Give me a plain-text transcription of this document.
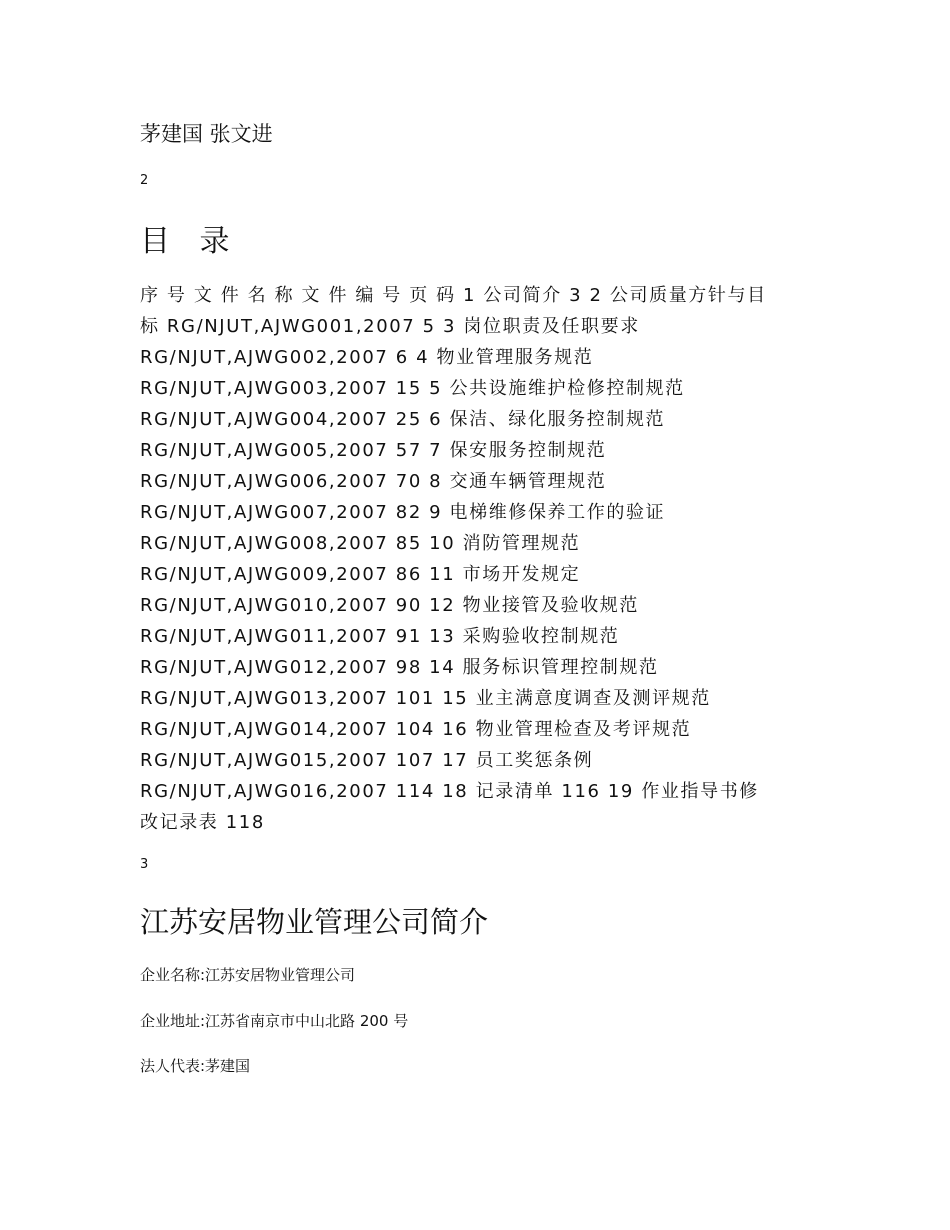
茅建国 张文进
2
目 录
序 号 文 件 名 称 文 件 编 号 页 码 1 公司简介 3 2 公司质量方针与目
标 RG/NJUT,AJWG001,2007 5 3 岗位职责及任职要求
RG/NJUT,AJWG002,2007 6 4 物业管理服务规范
RG/NJUT,AJWG003,2007 15 5 公共设施维护检修控制规范
RG/NJUT,AJWG004,2007 25 6 保洁、绿化服务控制规范
RG/NJUT,AJWG005,2007 57 7 保安服务控制规范
RG/NJUT,AJWG006,2007 70 8 交通车辆管理规范
RG/NJUT,AJWG007,2007 82 9 电梯维修保养工作的验证
RG/NJUT,AJWG008,2007 85 10 消防管理规范
RG/NJUT,AJWG009,2007 86 11 市场开发规定
RG/NJUT,AJWG010,2007 90 12 物业接管及验收规范
RG/NJUT,AJWG011,2007 91 13 采购验收控制规范
RG/NJUT,AJWG012,2007 98 14 服务标识管理控制规范
RG/NJUT,AJWG013,2007 101 15 业主满意度调查及测评规范
RG/NJUT,AJWG014,2007 104 16 物业管理检查及考评规范
RG/NJUT,AJWG015,2007 107 17 员工奖惩条例
RG/NJUT,AJWG016,2007 114 18 记录清单 116 19 作业指导书修
改记录表 118
3
江苏安居物业管理公司简介
企业名称:江苏安居物业管理公司
企业地址:江苏省南京市中山北路 200 号
法人代表:茅建国
